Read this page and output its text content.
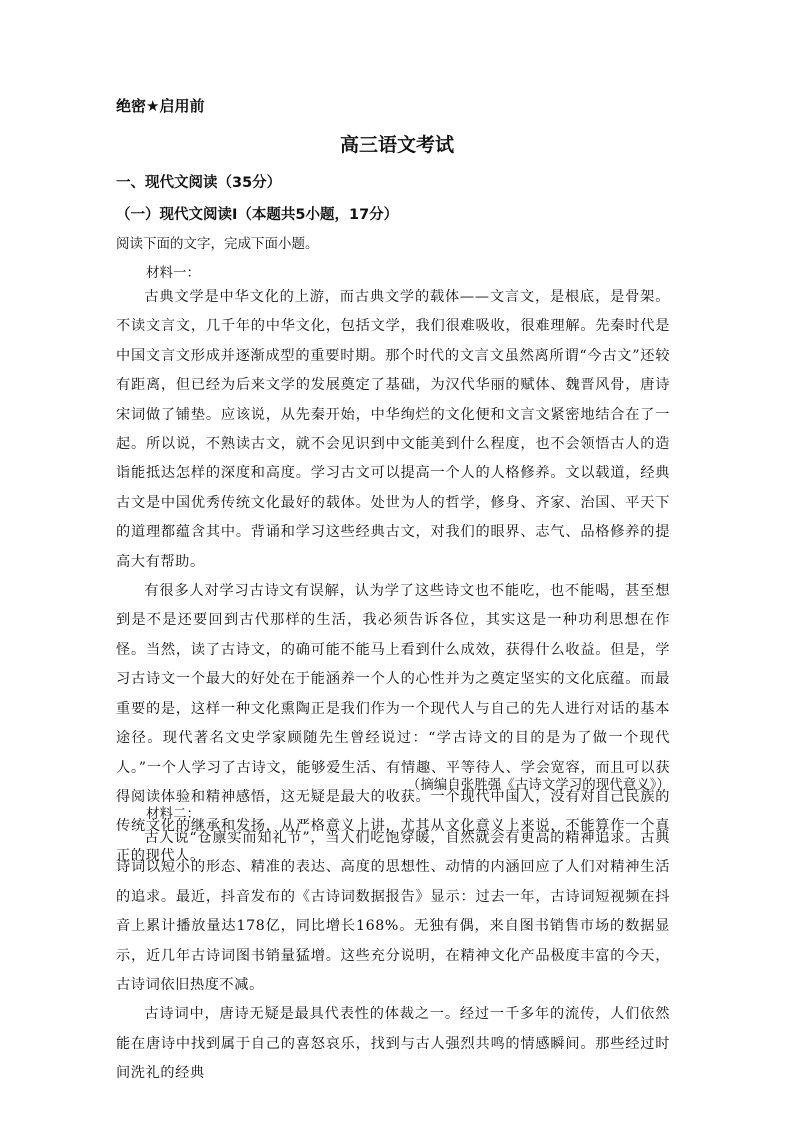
绝密★启用前
高三语文考试
一、现代文阅读（35分）
（一）现代文阅读Ⅰ（本题共5小题，17分）
阅读下面的文字，完成下面小题。
材料一：

古典文学是中华文化的上游，而古典文学的载体——文言文，是根底，是骨架。不读文言文，几千年的中华文化，包括文学，我们很难吸收，很难理解。先秦时代是中国文言文形成并逐渐成型的重要时期。那个时代的文言文虽然离所谓“今古文”还较有距离，但已经为后来文学的发展奠定了基础，为汉代华丽的赋体、魏晋风骨，唐诗宋词做了铺垫。应该说，从先秦开始，中华绚烂的文化便和文言文紧密地结合在了一起。所以说，不熟读古文，就不会见识到中文能美到什么程度，也不会领悟古人的造诣能抵达怎样的深度和高度。学习古文可以提高一个人的人格修养。文以载道，经典古文是中国优秀传统文化最好的载体。处世为人的哲学，修身、齐家、治国、平天下的道理都蕴含其中。背诵和学习这些经典古文，对我们的眼界、志气、品格修养的提高大有帮助。

有很多人对学习古诗文有误解，认为学了这些诗文也不能吃，也不能喝，甚至想到是不是还要回到古代那样的生活，我必须告诉各位，其实这是一种功利思想在作怪。当然，读了古诗文，的确可能不能马上看到什么成效，获得什么收益。但是，学习古诗文一个最大的好处在于能涵养一个人的心性并为之奠定坚实的文化底蕴。而最重要的是，这样一种文化熏陶正是我们作为一个现代人与自己的先人进行对话的基本途径。现代著名文史学家顾随先生曾经说过：“学古诗文的目的是为了做一个现代人。”一个人学习了古诗文，能够爱生活、有情趣、平等待人、学会宽容，而且可以获得阅读体验和精神感悟，这无疑是最大的收获。一个现代中国人，没有对自己民族的传统文化的继承和发扬，从严格意义上讲，尤其从文化意义上来说，不能算作一个真正的现代人。

（摘编自张胜强《古诗文学习的现代意义》）
材料二：

古人说“仓廪实而知礼节”，当人们吃饱穿暖，自然就会有更高的精神追求。古典诗词以短小的形态、精准的表达、高度的思想性、动情的内涵回应了人们对精神生活的追求。最近，抖音发布的《古诗词数据报告》显示：过去一年，古诗词短视频在抖音上累计播放量达178亿，同比增长168%。无独有偶，来自图书销售市场的数据显示，近几年古诗词图书销量猛增。这些充分说明，在精神文化产品极度丰富的今天，古诗词依旧热度不减。

古诗词中，唐诗无疑是最具代表性的体裁之一。经过一千多年的流传，人们依然能在唐诗中找到属于自己的喜怒哀乐，找到与古人强烈共鸣的情感瞬间。那些经过时间洗礼的经典
